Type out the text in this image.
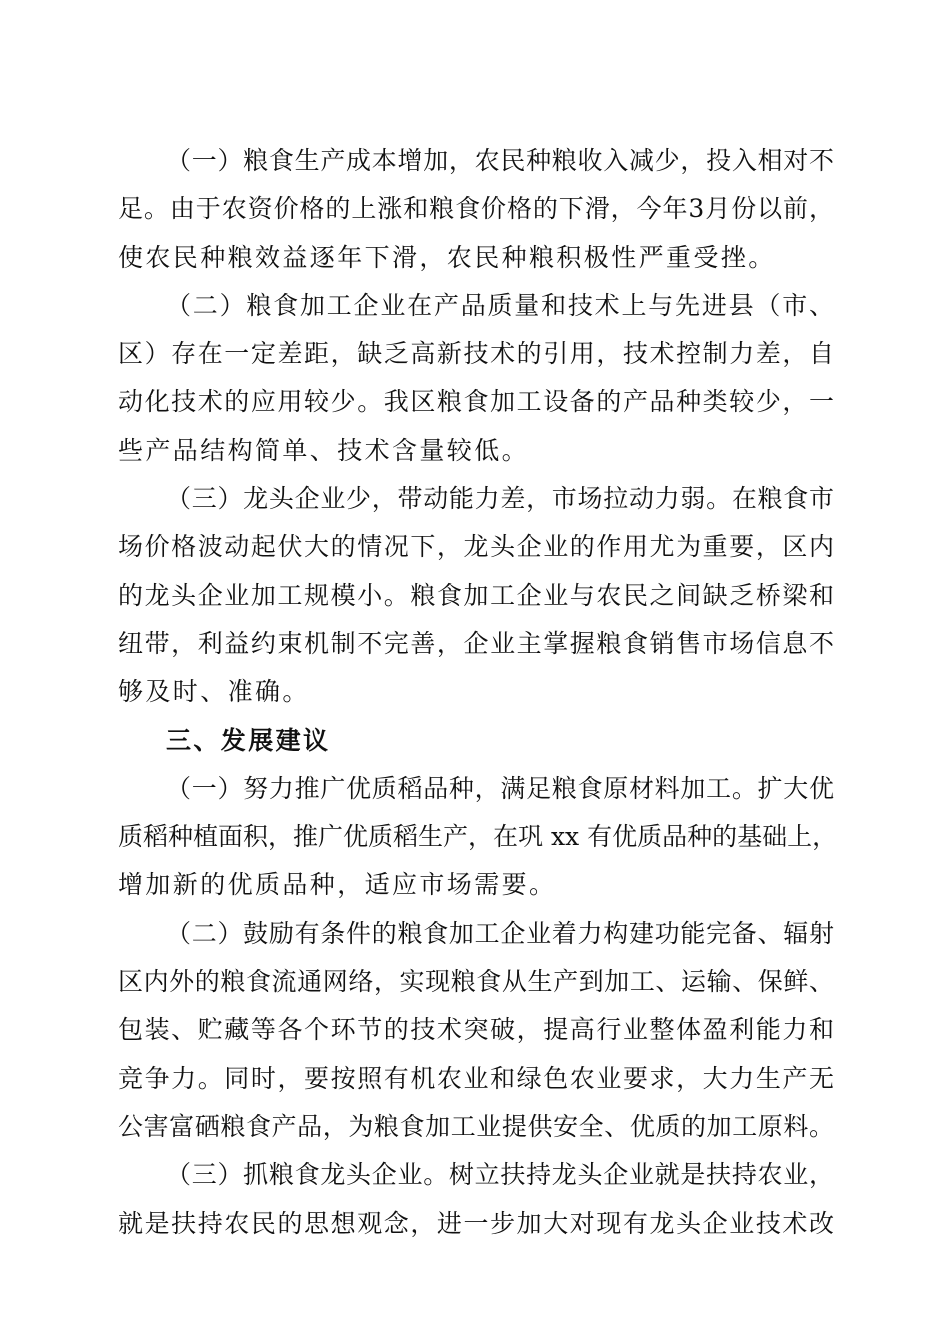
（一）粮食生产成本增加，农民种粮收入减少，投入相对不
足。由于农资价格的上涨和粮食价格的下滑，今年3月份以前，
使农民种粮效益逐年下滑，农民种粮积极性严重受挫。
（二）粮食加工企业在产品质量和技术上与先进县（市、
区）存在一定差距，缺乏高新技术的引用，技术控制力差，自
动化技术的应用较少。我区粮食加工设备的产品种类较少，一
些产品结构简单、技术含量较低。
（三）龙头企业少，带动能力差，市场拉动力弱。在粮食市
场价格波动起伏大的情况下，龙头企业的作用尤为重要，区内
的龙头企业加工规模小。粮食加工企业与农民之间缺乏桥梁和
纽带，利益约束机制不完善，企业主掌握粮食销售市场信息不
够及时、准确。
三、发展建议
（一）努力推广优质稻品种，满足粮食原材料加工。扩大优
质稻种植面积，推广优质稻生产，在巩 xx 有优质品种的基础上，
增加新的优质品种，适应市场需要。
（二）鼓励有条件的粮食加工企业着力构建功能完备、辐射
区内外的粮食流通网络，实现粮食从生产到加工、运输、保鲜、
包装、贮藏等各个环节的技术突破，提高行业整体盈利能力和
竞争力。同时，要按照有机农业和绿色农业要求，大力生产无
公害富硒粮食产品，为粮食加工业提供安全、优质的加工原料。
（三）抓粮食龙头企业。树立扶持龙头企业就是扶持农业，
就是扶持农民的思想观念，进一步加大对现有龙头企业技术改
